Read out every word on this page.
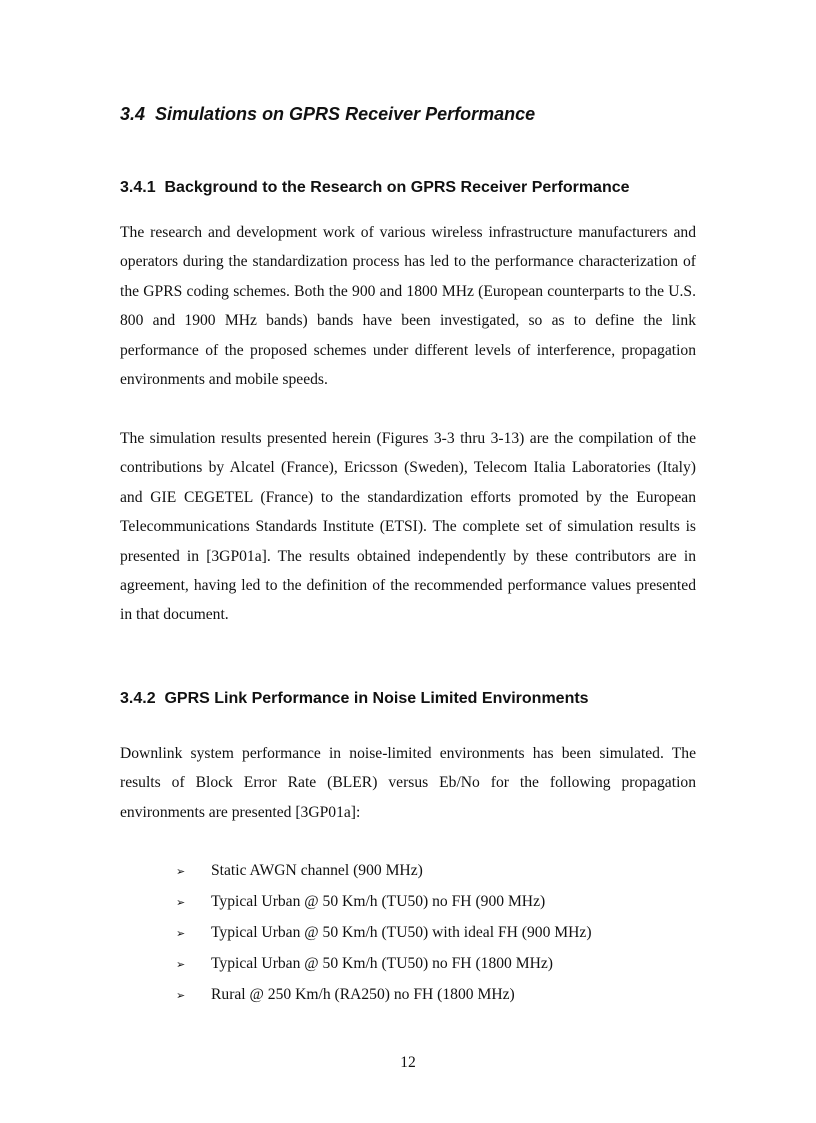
3.4 Simulations on GPRS Receiver Performance
3.4.1 Background to the Research on GPRS Receiver Performance

The research and development work of various wireless infrastructure manufacturers and operators during the standardization process has led to the performance characterization of the GPRS coding schemes. Both the 900 and 1800 MHz (European counterparts to the U.S. 800 and 1900 MHz bands) bands have been investigated, so as to define the link performance of the proposed schemes under different levels of interference, propagation environments and mobile speeds.

The simulation results presented herein (Figures 3-3 thru 3-13) are the compilation of the contributions by Alcatel (France), Ericsson (Sweden), Telecom Italia Laboratories (Italy) and GIE CEGETEL (France) to the standardization efforts promoted by the European Telecommunications Standards Institute (ETSI). The complete set of simulation results is presented in [3GP01a]. The results obtained independently by these contributors are in agreement, having led to the definition of the recommended performance values presented in that document.

3.4.2 GPRS Link Performance in Noise Limited Environments

Downlink system performance in noise-limited environments has been simulated. The results of Block Error Rate (BLER) versus Eb/No for the following propagation environments are presented [3GP01a]:

➢	Static AWGN channel (900 MHz)
➢	Typical Urban @ 50 Km/h (TU50) no FH (900 MHz)
➢	Typical Urban @ 50 Km/h (TU50) with ideal FH (900 MHz)
➢	Typical Urban @ 50 Km/h (TU50) no FH (1800 MHz)
➢	Rural @ 250 Km/h (RA250) no FH (1800 MHz)

12
